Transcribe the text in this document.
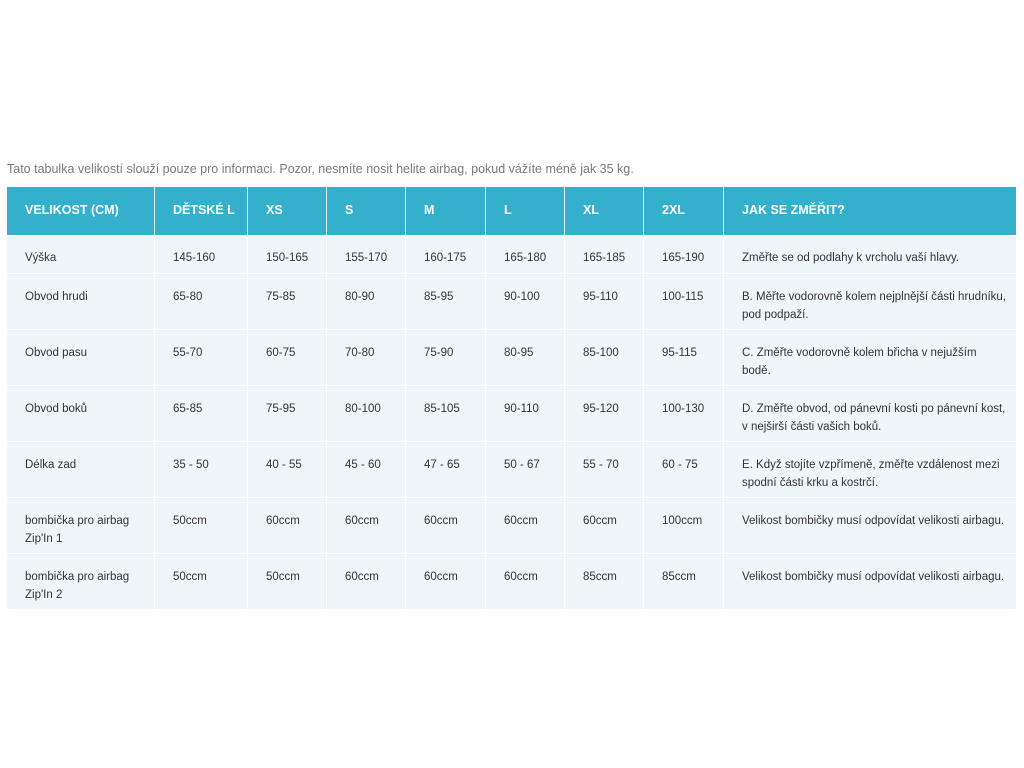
Tato tabulka velikostí slouží pouze pro informaci. Pozor, nesmíte nosit helite airbag, pokud vážíte méně jak 35 kg.
VELIKOST (CM)	DĚTSKÉ L	XS	S	M	L	XL	2XL	JAK SE ZMĚŘIT?
Výška	145-160	150-165	155-170	160-175	165-180	165-185	165-190	Změřte se od podlahy k vrcholu vaší hlavy.
Obvod hrudi	65-80	75-85	80-90	85-95	90-100	95-110	100-115	B. Měřte vodorovně kolem nejplnější části hrudníku, pod podpaží.
Obvod pasu	55-70	60-75	70-80	75-90	80-95	85-100	95-115	C. Změřte vodorovně kolem břicha v nejužším bodě.
Obvod boků	65-85	75-95	80-100	85-105	90-110	95-120	100-130	D. Změřte obvod, od pánevní kosti po pánevní kost, v nejširší části vašich boků.
Délka zad	35 - 50	40 - 55	45 - 60	47 - 65	50 - 67	55 - 70	60 - 75	E. Když stojíte vzpřímeně, změřte vzdálenost mezi spodní části krku a kostrčí.
bombička pro airbag Zip'In 1	50ccm	60ccm	60ccm	60ccm	60ccm	60ccm	100ccm	Velikost bombičky musí odpovídat velikosti airbagu.
bombička pro airbag Zip'In 2	50ccm	50ccm	60ccm	60ccm	60ccm	85ccm	85ccm	Velikost bombičky musí odpovídat velikosti airbagu.
